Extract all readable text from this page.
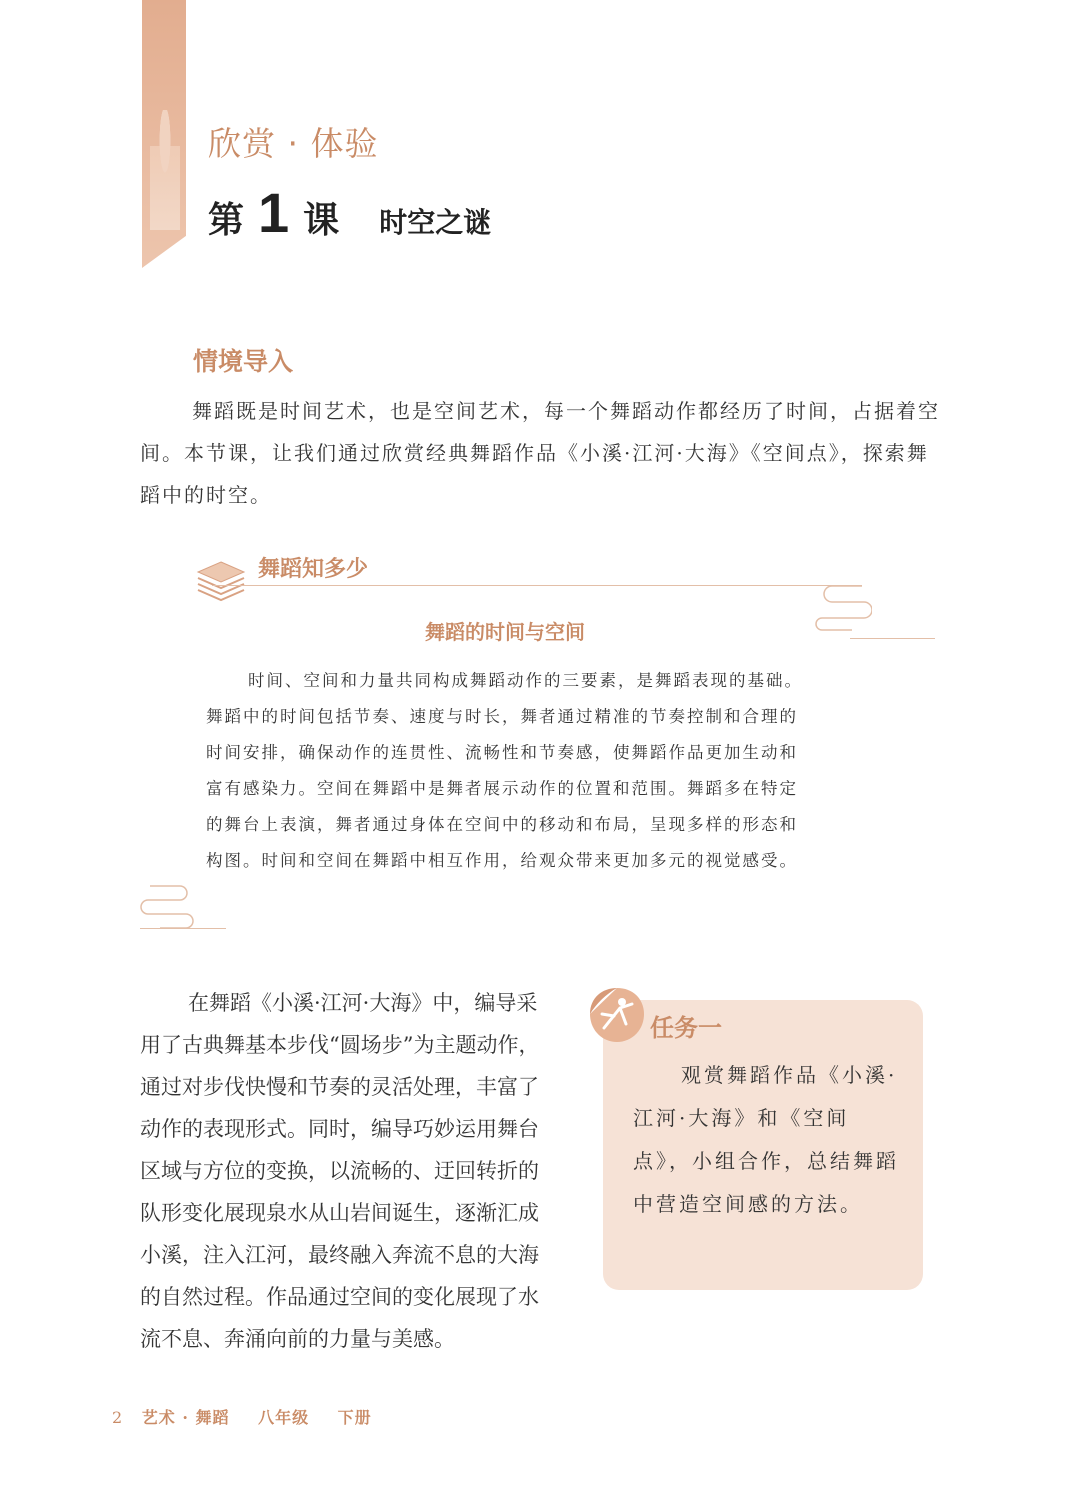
欣赏 · 体验
第 1 课 时空之谜
情境导入

舞蹈既是时间艺术，也是空间艺术，每一个舞蹈动作都经历了时间，占据着空间。本节课，让我们通过欣赏经典舞蹈作品《小溪·江河·大海》《空间点》，探索舞蹈中的时空。

舞蹈知多少
舞蹈的时间与空间

时间、空间和力量共同构成舞蹈动作的三要素，是舞蹈表现的基础。舞蹈中的时间包括节奏、速度与时长，舞者通过精准的节奏控制和合理的时间安排，确保动作的连贯性、流畅性和节奏感，使舞蹈作品更加生动和富有感染力。空间在舞蹈中是舞者展示动作的位置和范围。舞蹈多在特定的舞台上表演，舞者通过身体在空间中的移动和布局，呈现多样的形态和构图。时间和空间在舞蹈中相互作用，给观众带来更加多元的视觉感受。

任务一

观赏舞蹈作品《小溪·江河·大海》和《空间点》，小组合作，总结舞蹈中营造空间感的方法。

在舞蹈《小溪·江河·大海》中，编导采用了古典舞基本步伐“圆场步”为主题动作，通过对步伐快慢和节奏的灵活处理，丰富了动作的表现形式。同时，编导巧妙运用舞台区域与方位的变换，以流畅的、迂回转折的队形变化展现泉水从山岩间诞生，逐渐汇成小溪，注入江河，最终融入奔流不息的大海的自然过程。作品通过空间的变化展现了水流不息、奔涌向前的力量与美感。
2 艺术 · 舞蹈 八年级 下册
